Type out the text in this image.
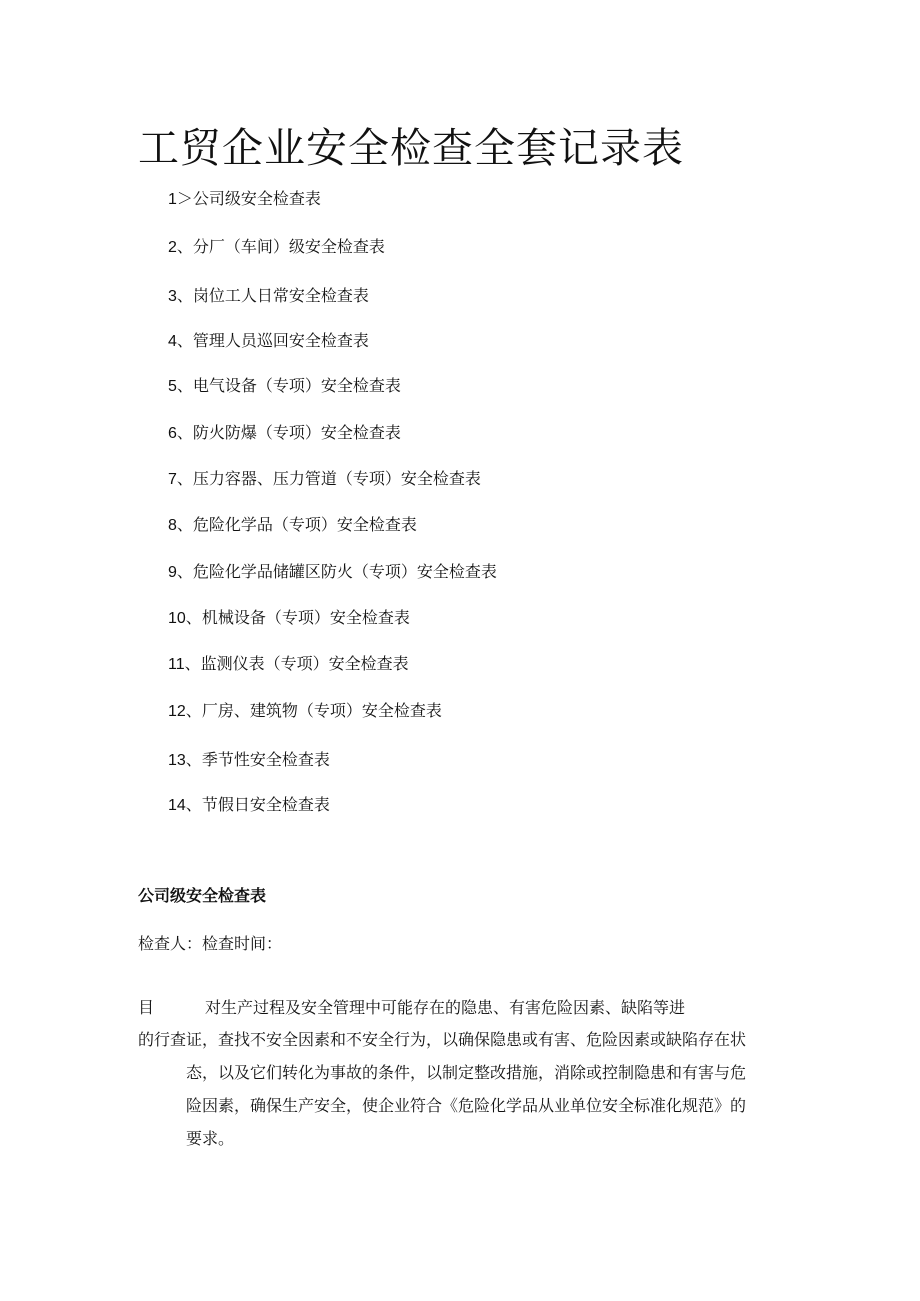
工贸企业安全检查全套记录表
1＞公司级安全检查表
2、分厂（车间）级安全检查表
3、岗位工人日常安全检查表
4、管理人员巡回安全检查表
5、电气设备（专项）安全检查表
6、防火防爆（专项）安全检查表
7、压力容器、压力管道（专项）安全检查表
8、危险化学品（专项）安全检查表
9、危险化学品储罐区防火（专项）安全检查表
10、机械设备（专项）安全检查表
11、监测仪表（专项）安全检查表
12、厂房、建筑物（专项）安全检查表
13、季节性安全检查表
14、节假日安全检查表
公司级安全检查表
检查人：检查时间：
目	对生产过程及安全管理中可能存在的隐患、有害危险因素、缺陷等进
的行查证，查找不安全因素和不安全行为，以确保隐患或有害、危险因素或缺陷存在状
态，以及它们转化为事故的条件，以制定整改措施，消除或控制隐患和有害与危
险因素，确保生产安全，使企业符合《危险化学品从业单位安全标准化规范》的
要求。
